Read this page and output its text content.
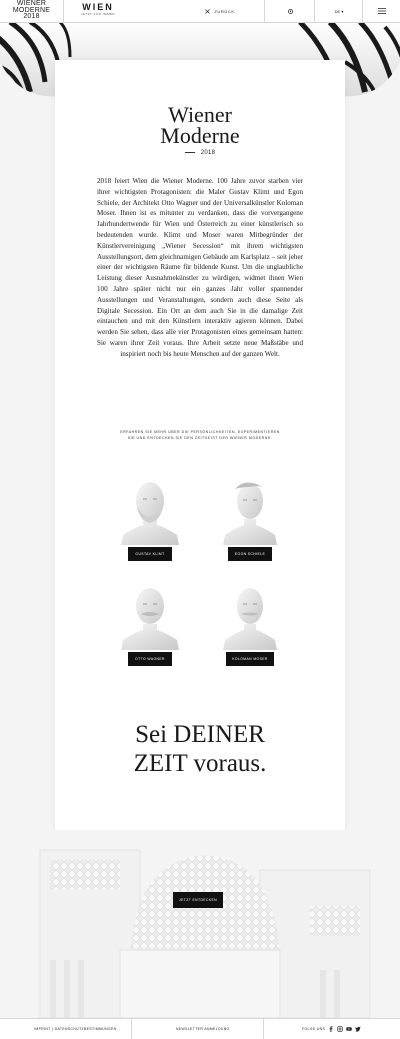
WIENER
MODERNE
2018
WIEN
JETZT FÜR IMMER
ZURÜCK	DE ▾
Wiener
Moderne
2018

2018 feiert Wien die Wiener Moderne. 100 Jahre zuvor starben vier ihrer wichtigsten Protagonisten: die Maler Gustav Klimt und Egon Schiele, der Architekt Otto Wagner und der Universalkünstler Koloman Moser. Ihnen ist es mitunter zu verdanken, dass die vorvergangene Jahrhundertwende für Wien und Österreich zu einer künstlerisch so bedeutenden wurde. Klimt und Moser waren Mitbegründer der Künstlervereinigung „Wiener Secession“ mit ihrem wichtigsten Ausstellungsort, dem gleichnamigen Gebäude am Karlsplatz – seit jeher einer der wichtigsten Räume für bildende Kunst. Um die unglaubliche Leistung dieser Ausnahmekünstler zu würdigen, widmet ihnen Wien 100 Jahre später nicht nur ein ganzes Jahr voller spannender Ausstellungen und Veranstaltungen, sondern auch diese Seite als Digitale Secession. Ein Ort an dem auch Sie in die damalige Zeit eintauchen und mit den Künstlern interaktiv agieren können. Dabei werden Sie sehen, dass alle vier Protagonisten eines gemeinsam hatten: Sie waren ihrer Zeit voraus. Ihre Arbeit setzte neue Maßstäbe und inspiriert noch bis heute Menschen auf der ganzen Welt.

ERFAHREN SIE MEHR ÜBER DIE PERSÖNLICHKEITEN, EXPERIMENTIEREN
SIE UND ENTDECKEN SIE DEN ZEITGEIST DER WIENER MODERNE.

GUSTAV KLIMT	EGON SCHIELE
OTTO WAGNER	KOLOMAN MOSER
Sei DEINER
ZEIT voraus.
JETZT ENTDECKEN
IMPRINT | DATENSCHUTZBESTIMMUNGEN	NEWSLETTER ANMELDUNG	FOLGE UNS
